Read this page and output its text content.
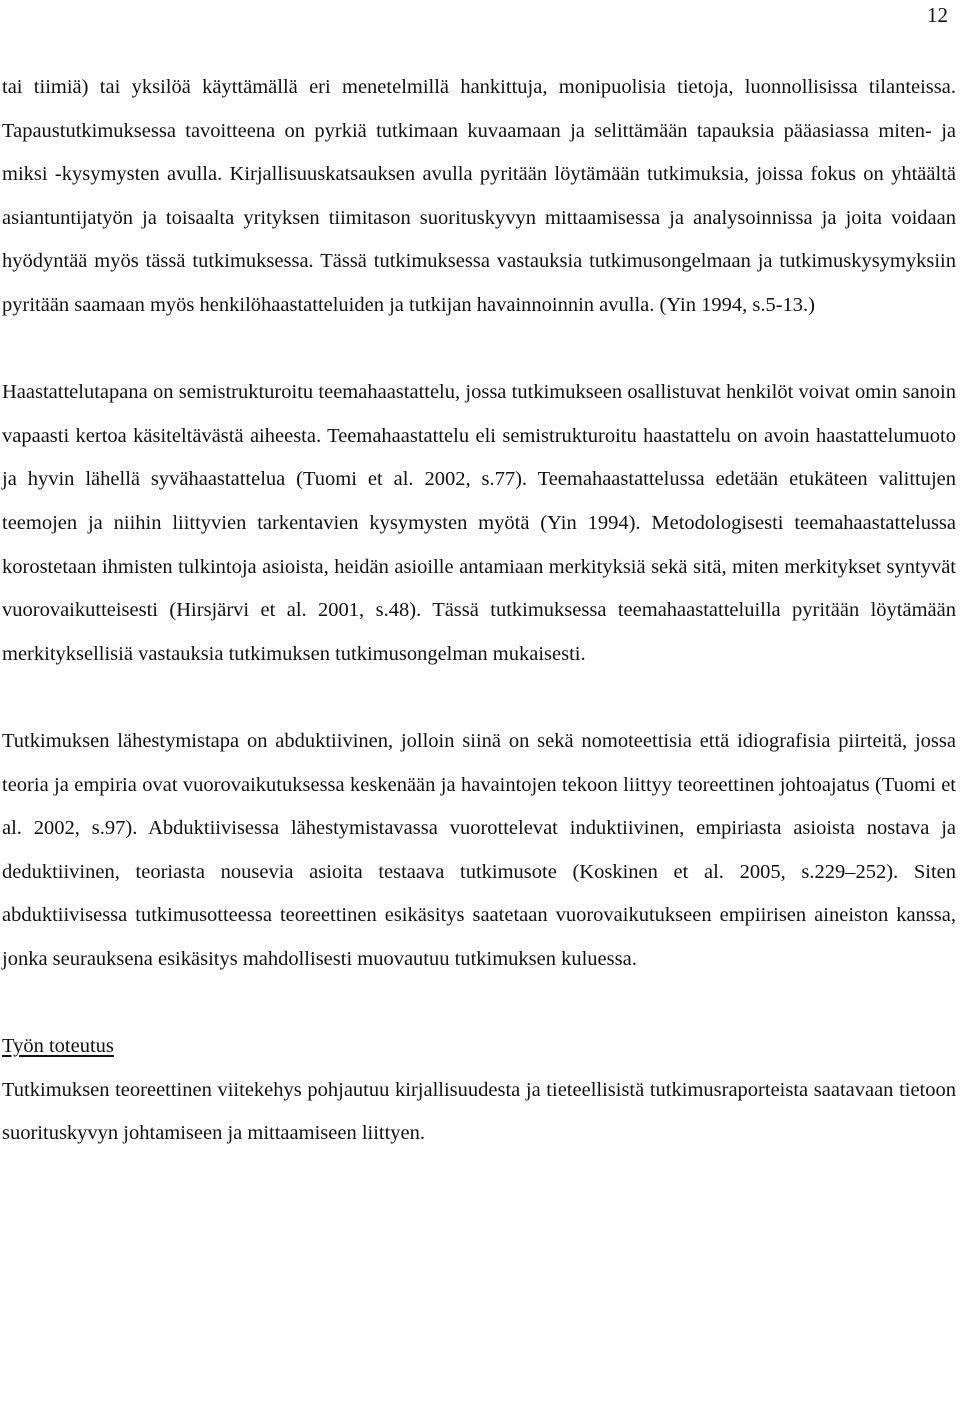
12

tai tiimiä) tai yksilöä käyttämällä eri menetelmillä hankittuja, monipuolisia tietoja, luonnollisissa tilanteissa. Tapaustutkimuksessa tavoitteena on pyrkiä tutkimaan kuvaamaan ja selittämään tapauksia pääasiassa miten- ja miksi -kysymysten avulla. Kirjallisuuskatsauksen avulla pyritään löytämään tutkimuksia, joissa fokus on yhtäältä asiantuntijatyön ja toisaalta yrityksen tiimitason suorituskyvyn mittaamisessa ja analysoinnissa ja joita voidaan hyödyntää myös tässä tutkimuksessa. Tässä tutkimuksessa vastauksia tutkimusongelmaan ja tutkimuskysymyksiin pyritään saamaan myös henkilöhaastatteluiden ja tutkijan havainnoinnin avulla. (Yin 1994, s.5-13.)

Haastattelutapana on semistrukturoitu teemahaastattelu, jossa tutkimukseen osallistuvat henkilöt voivat omin sanoin vapaasti kertoa käsiteltävästä aiheesta. Teemahaastattelu eli semistrukturoitu haastattelu on avoin haastattelumuoto ja hyvin lähellä syvähaastattelua (Tuomi et al. 2002, s.77). Teemahaastattelussa edetään etukäteen valittujen teemojen ja niihin liittyvien tarkentavien kysymysten myötä (Yin 1994). Metodologisesti teemahaastattelussa korostetaan ihmisten tulkintoja asioista, heidän asioille antamiaan merkityksiä sekä sitä, miten merkitykset syntyvät vuorovaikutteisesti (Hirsjärvi et al. 2001, s.48). Tässä tutkimuksessa teemahaastatteluilla pyritään löytämään merkityksellisiä vastauksia tutkimuksen tutkimusongelman mukaisesti.

Tutkimuksen lähestymistapa on abduktiivinen, jolloin siinä on sekä nomoteettisia että idiografisia piirteitä, jossa teoria ja empiria ovat vuorovaikutuksessa keskenään ja havaintojen tekoon liittyy teoreettinen johtoajatus (Tuomi et al. 2002, s.97). Abduktiivisessa lähestymistavassa vuorottelevat induktiivinen, empiriasta asioista nostava ja deduktiivinen, teoriasta nousevia asioita testaava tutkimusote (Koskinen et al. 2005, s.229–252). Siten abduktiivisessa tutkimusotteessa teoreettinen esikäsitys saatetaan vuorovaikutukseen empiirisen aineiston kanssa, jonka seurauksena esikäsitys mahdollisesti muovautuu tutkimuksen kuluessa.

Työn toteutus

Tutkimuksen teoreettinen viitekehys pohjautuu kirjallisuudesta ja tieteellisistä tutkimusraporteista saatavaan tietoon suorituskyvyn johtamiseen ja mittaamiseen liittyen.
